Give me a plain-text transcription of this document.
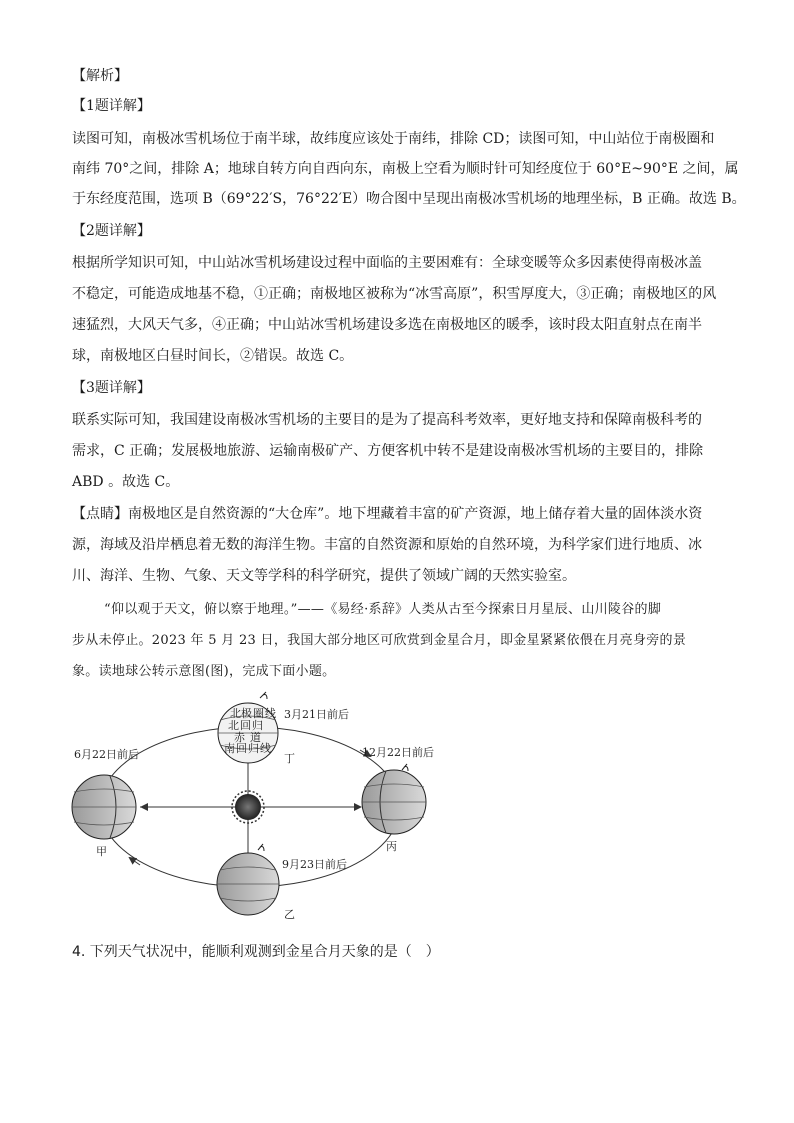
【解析】
【1题详解】
读图可知，南极冰雪机场位于南半球，故纬度应该处于南纬，排除 CD；读图可知，中山站位于南极圈和
南纬 70°之间，排除 A；地球自转方向自西向东，南极上空看为顺时针可知经度位于 60°E~90°E 之间，属
于东经度范围，选项 B（69°22′S，76°22′E）吻合图中呈现出南极冰雪机场的地理坐标，B 正确。故选 B。
【2题详解】
根据所学知识可知，中山站冰雪机场建设过程中面临的主要困难有：全球变暖等众多因素使得南极冰盖
不稳定，可能造成地基不稳，①正确；南极地区被称为“冰雪高原”，积雪厚度大，③正确；南极地区的风
速猛烈，大风天气多，④正确；中山站冰雪机场建设多选在南极地区的暖季，该时段太阳直射点在南半
球，南极地区白昼时间长，②错误。故选 C。
【3题详解】
联系实际可知，我国建设南极冰雪机场的主要目的是为了提高科考效率，更好地支持和保障南极科考的
需求，C 正确；发展极地旅游、运输南极矿产、方便客机中转不是建设南极冰雪机场的主要目的，排除
ABD 。故选 C。
【点睛】南极地区是自然资源的“大仓库”。地下埋藏着丰富的矿产资源，地上储存着大量的固体淡水资
源，海域及沿岸栖息着无数的海洋生物。丰富的自然资源和原始的自然环境，为科学家们进行地质、冰
川、海洋、生物、气象、天文等学科的科学研究，提供了领域广阔的天然实验室。
“仰以观于天文，俯以察于地理。”——《易经·系辞》人类从古至今探索日月星辰、山川陵谷的脚
步从未停止。2023 年 5 月 23 日，我国大部分地区可欣赏到金星合月，即金星紧紧依偎在月亮身旁的景
象。读地球公转示意图(图)，完成下面小题。
北 极 圈 线
北 回 归
赤 道
南 回 归 线
3月21日前后
丁
6月22日前后
甲
12月22日前后
丙
9月23日前后
乙
4. 下列天气状况中，能顺利观测到金星合月天象的是（　）
